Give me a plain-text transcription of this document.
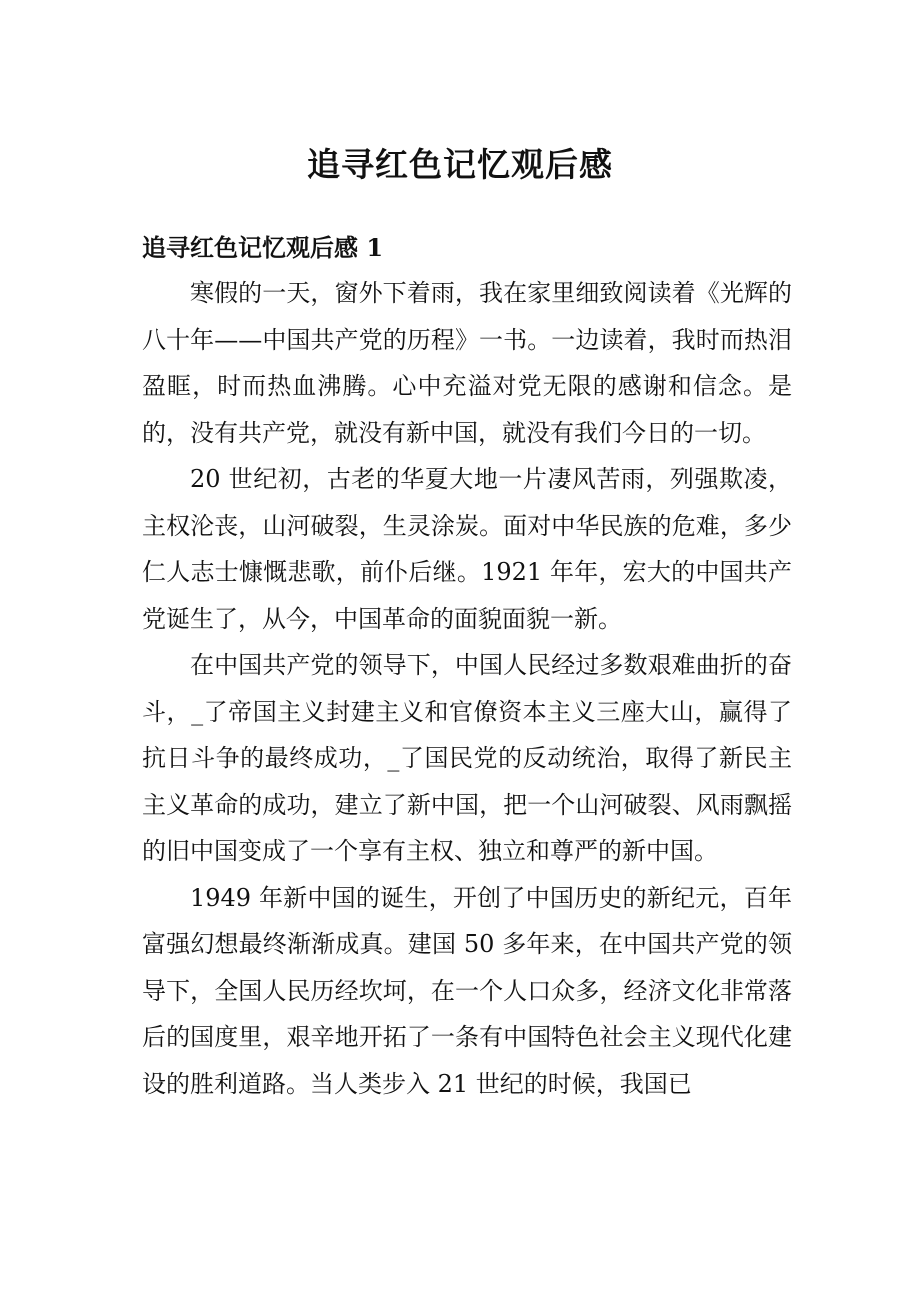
追寻红色记忆观后感
追寻红色记忆观后感 1

寒假的一天，窗外下着雨，我在家里细致阅读着《光辉的八十年——中国共产党的历程》一书。一边读着，我时而热泪盈眶，时而热血沸腾。心中充溢对党无限的感谢和信念。是的，没有共产党，就没有新中国，就没有我们今日的一切。

20 世纪初，古老的华夏大地一片凄风苦雨，列强欺凌，主权沦丧，山河破裂，生灵涂炭。面对中华民族的危难，多少仁人志士慷慨悲歌，前仆后继。1921 年年，宏大的中国共产党诞生了，从今，中国革命的面貌面貌一新。

在中国共产党的领导下，中国人民经过多数艰难曲折的奋斗，_了帝国主义封建主义和官僚资本主义三座大山，赢得了抗日斗争的最终成功，_了国民党的反动统治，取得了新民主主义革命的成功，建立了新中国，把一个山河破裂、风雨飘摇的旧中国变成了一个享有主权、独立和尊严的新中国。

1949 年新中国的诞生，开创了中国历史的新纪元，百年富强幻想最终渐渐成真。建国 50 多年来，在中国共产党的领导下，全国人民历经坎坷，在一个人口众多，经济文化非常落后的国度里，艰辛地开拓了一条有中国特色社会主义现代化建设的胜利道路。当人类步入 21 世纪的时候，我国已
